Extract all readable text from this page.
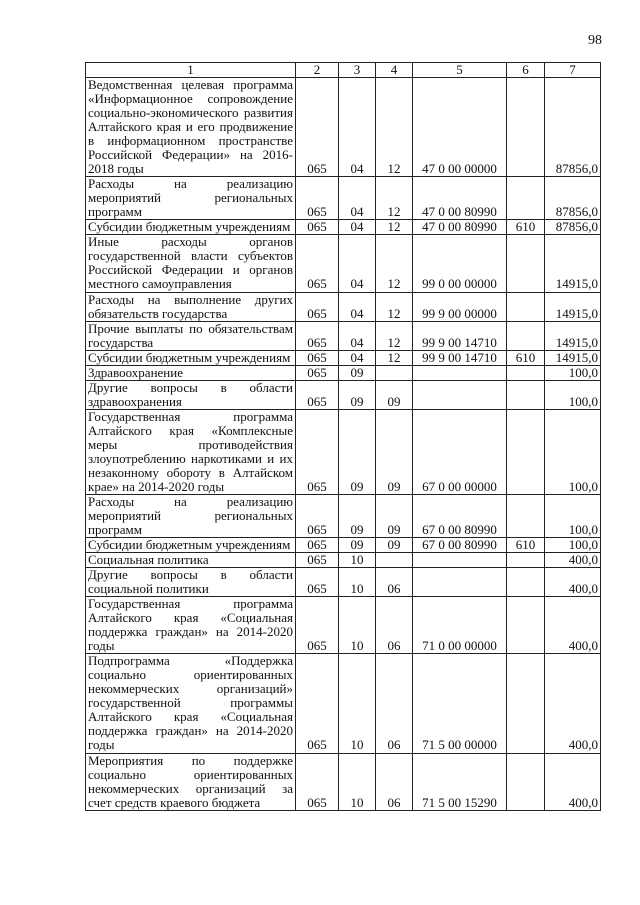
98
1	2	3	4	5	6	7
Ведомственная целевая программа «Информационное сопровождение социально-экономического развития Алтайского края и его продвижение в информационном пространстве Российской Федерации» на 2016-2018 годы	065	04	12	47 0 00 00000		87856,0
Расходы на реализацию мероприятий региональных программ	065	04	12	47 0 00 80990		87856,0
Субсидии бюджетным учреждениям	065	04	12	47 0 00 80990	610	87856,0
Иные расходы органов государственной власти субъектов Российской Федерации и органов местного самоуправления	065	04	12	99 0 00 00000		14915,0
Расходы на выполнение других обязательств государства	065	04	12	99 9 00 00000		14915,0
Прочие выплаты по обязательствам государства	065	04	12	99 9 00 14710		14915,0
Субсидии бюджетным учреждениям	065	04	12	99 9 00 14710	610	14915,0
Здравоохранение	065	09				100,0
Другие вопросы в области здравоохранения	065	09	09			100,0
Государственная программа Алтайского края «Комплексные меры противодействия злоупотреблению наркотиками и их незаконному обороту в Алтайском крае» на 2014-2020 годы	065	09	09	67 0 00 00000		100,0
Расходы на реализацию мероприятий региональных программ	065	09	09	67 0 00 80990		100,0
Субсидии бюджетным учреждениям	065	09	09	67 0 00 80990	610	100,0
Социальная политика	065	10				400,0
Другие вопросы в области социальной политики	065	10	06			400,0
Государственная программа Алтайского края «Социальная поддержка граждан» на 2014-2020 годы	065	10	06	71 0 00 00000		400,0
Подпрограмма «Поддержка социально ориентированных некоммерческих организаций» государственной программы Алтайского края «Социальная поддержка граждан» на 2014-2020 годы	065	10	06	71 5 00 00000		400,0
Мероприятия по поддержке социально ориентированных некоммерческих организаций за счет средств краевого бюджета	065	10	06	71 5 00 15290		400,0
